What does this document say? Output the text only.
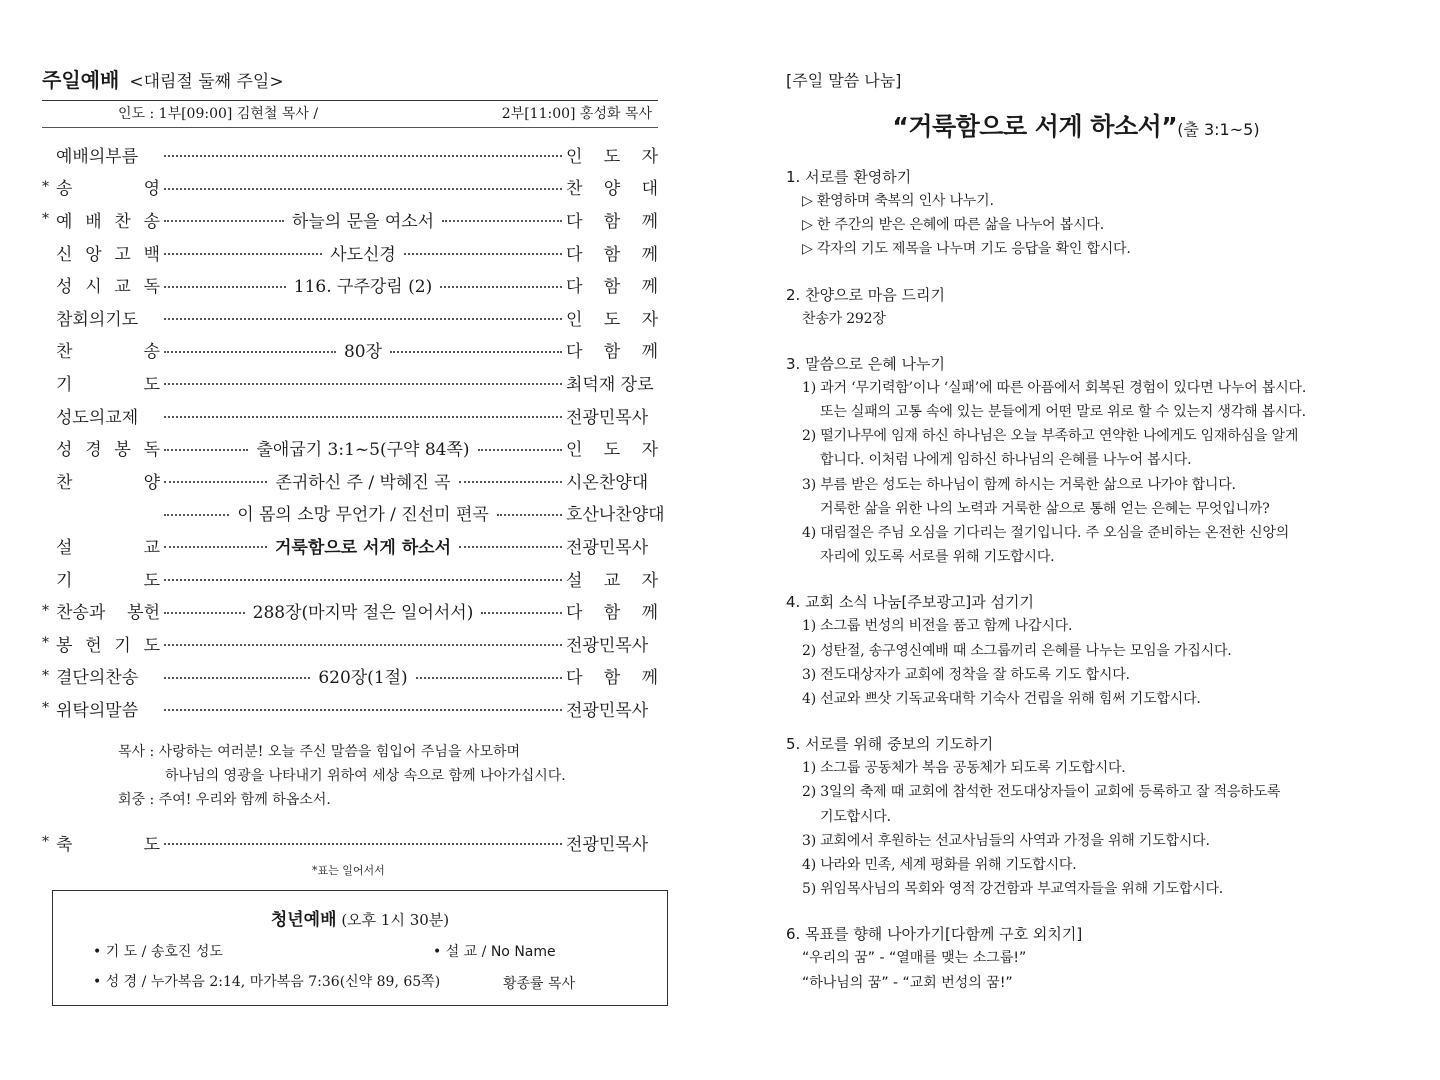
주일예배 <대림절 둘째 주일>
인도 : 1부[09:00] 김현철 목사 /	2부[11:00] 홍성화 목사
예배의부름	인 도 자
* 송	영	찬 양 대
* 예 배 찬 송	하늘의 문을 여소서	다 함 께
신 앙 고 백	사도신경	다 함 께
성 시 교 독	116. 구주강림 (2)	다 함 께
참회의기도	인 도 자
찬	송	80장	다 함 께
기	도	최덕재 장로
성도의교제	전광민목사
성 경 봉 독	출애굽기 3:1~5(구약 84쪽)	인 도 자
찬	양	존귀하신 주 / 박혜진 곡	시온찬양대
이 몸의 소망 무언가 / 진선미 편곡	호산나찬양대
설	교	거룩함으로 서게 하소서	전광민목사
기	도	설 교 자
* 찬송과 봉헌	288장(마지막 절은 일어서서)	다 함 께
* 봉 헌 기 도	전광민목사
* 결단의찬송	620장(1절)	다 함 께
* 위탁의말씀	전광민목사
목사 : 사랑하는 여러분! 오늘 주신 말씀을 힘입어 주님을 사모하며
하나님의 영광을 나타내기 위하여 세상 속으로 함께 나아가십시다.
회중 : 주여! 우리와 함께 하옵소서.
* 축	도	전광민목사
*표는 일어서서
청년예배 (오후 1시 30분)
• 기 도 / 송호진 성도	• 설 교 / No Name
• 성 경 / 누가복음 2:14, 마가복음 7:36(신약 89, 65쪽)	황종률 목사
[주일 말씀 나눔]
“거룩함으로 서게 하소서”(출 3:1~5)
1. 서로를 환영하기
▷ 환영하며 축복의 인사 나누기.
▷ 한 주간의 받은 은혜에 따른 삶을 나누어 봅시다.
▷ 각자의 기도 제목을 나누며 기도 응답을 확인 합시다.
2. 찬양으로 마음 드리기
찬송가 292장
3. 말씀으로 은혜 나누기
1) 과거 ‘무기력함’이나 ‘실패’에 따른 아픔에서 회복된 경험이 있다면 나누어 봅시다.
또는 실패의 고통 속에 있는 분들에게 어떤 말로 위로 할 수 있는지 생각해 봅시다.
2) 떨기나무에 임재 하신 하나님은 오늘 부족하고 연약한 나에게도 임재하심을 알게
합니다. 이처럼 나에게 임하신 하나님의 은혜를 나누어 봅시다.
3) 부름 받은 성도는 하나님이 함께 하시는 거룩한 삶으로 나가야 합니다.
거룩한 삶을 위한 나의 노력과 거룩한 삶으로 통해 얻는 은혜는 무엇입니까?
4) 대림절은 주님 오심을 기다리는 절기입니다. 주 오심을 준비하는 온전한 신앙의
자리에 있도록 서로를 위해 기도합시다.
4. 교회 소식 나눔[주보광고]과 섬기기
1) 소그룹 번성의 비전을 품고 함께 나갑시다.
2) 성탄절, 송구영신예배 때 소그룹끼리 은혜를 나누는 모임을 가집시다.
3) 전도대상자가 교회에 정착을 잘 하도록 기도 합시다.
4) 선교와 쁘삿 기독교육대학 기숙사 건립을 위해 힘써 기도합시다.
5. 서로를 위해 중보의 기도하기
1) 소그룹 공동체가 복음 공동체가 되도록 기도합시다.
2) 3일의 축제 때 교회에 참석한 전도대상자들이 교회에 등록하고 잘 적응하도록
기도합시다.
3) 교회에서 후원하는 선교사님들의 사역과 가정을 위해 기도합시다.
4) 나라와 민족, 세계 평화를 위해 기도합시다.
5) 위임목사님의 목회와 영적 강건함과 부교역자들을 위해 기도합시다.
6. 목표를 향해 나아가기[다함께 구호 외치기]
“우리의 꿈” - “열매를 맺는 소그룹!”
“하나님의 꿈” - “교회 번성의 꿈!”
